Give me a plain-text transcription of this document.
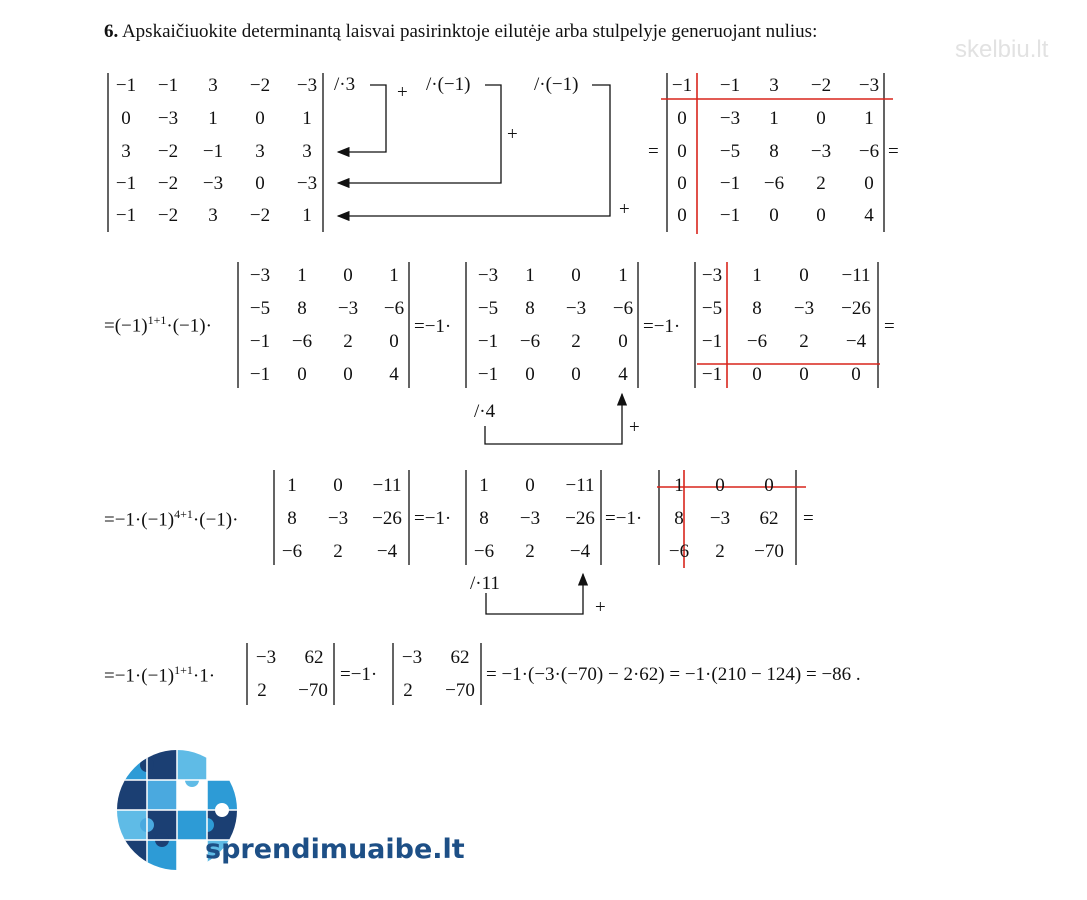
6. Apskaičiuokite determinantą laisvai pasirinktoje eilutėje arba stulpelyje generuojant nulius:
skelbiu.lt
−1	−1	3	−2	−3
0	−3	1	0	1
3	−2	−1	3	3
−1	−2	−3	0	−3
−1	−2	3	−2	1
/·3 + /·(−1)
+
/·(−1)
+
=
−1	−1	3	−2	−3
0	−3	1	0	1
0	−5	8	−3	−6
0	−1	−6	2	0
0	−1	0	0	4
=
$=(-1)^{1+1}\cdot(-1)\cdot$
−3	1	0	1
−5	8	−3	−6
−1	−6	2	0
−1	0	0	4
=−1·
−3	1	0	1
−5	8	−3	−6
−1	−6	2	0
−1	0	0	4
=−1·
−3	1	0	−11
−5	8	−3	−26
−1	−6	2	−4
−1	0	0	0
=
/·4
+
$=-1\cdot(-1)^{4+1}\cdot(-1)\cdot$
1	0	−11
8	−3	−26
−6	2	−4
=−1·
1	0	−11
8	−3	−26
−6	2	−4
=−1·
1	0	0
8	−3	62
−6	2	−70
=
/·11
+
$=-1\cdot(-1)^{1+1}\cdot 1\cdot$
−3	62
2	−70
=−1·
−3	62
2	−70
= −1·(−3·(−70) − 2·62) = −1·(210 − 124) = −86 .
sprendimuaibe.lt
